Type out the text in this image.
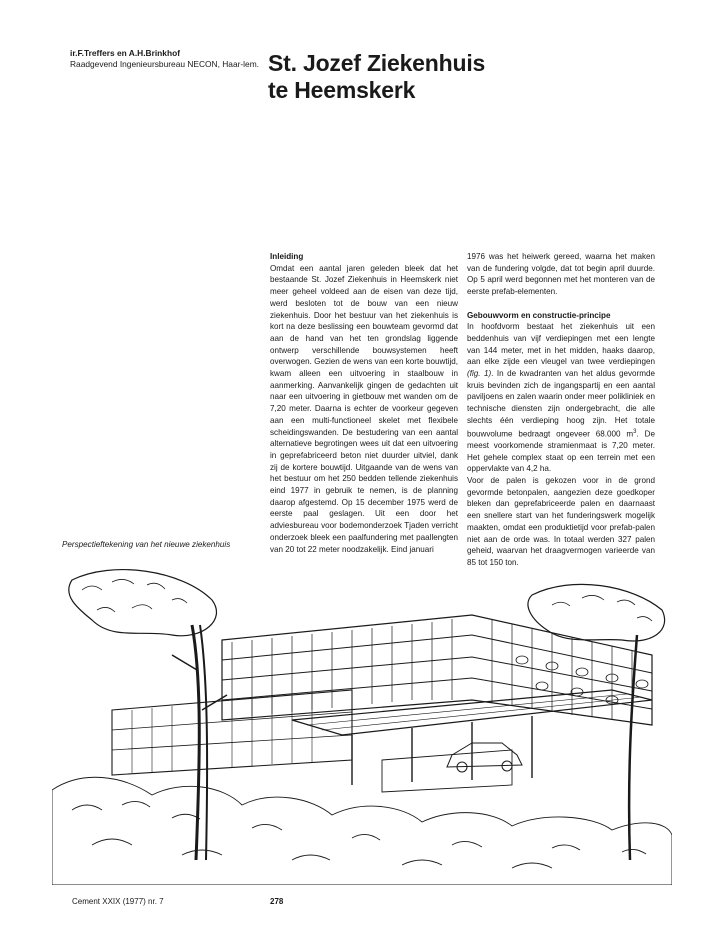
ir.F.Treffers en A.H.Brinkhof
Raadgevend Ingenieursbureau NECON, Haar-lem. St. Jozef Ziekenhuis
te Heemskerk
Inleiding

Omdat een aantal jaren geleden bleek dat het bestaande St. Jozef Ziekenhuis in Heemskerk niet meer geheel voldeed aan de eisen van deze tijd, werd besloten tot de bouw van een nieuw ziekenhuis. Door het bestuur van het ziekenhuis is kort na deze beslissing een bouwteam gevormd dat aan de hand van het ten grondslag liggende ontwerp verschillende bouwsystemen heeft overwogen. Gezien de wens van een korte bouwtijd, kwam alleen een uitvoering in staalbouw in aanmerking. Aanvankelijk gingen de gedachten uit naar een uitvoering in gietbouw met wanden om de 7,20 meter. Daarna is echter de voorkeur gegeven aan een multi-functioneel skelet met flexibele scheidingswanden. De bestudering van een aantal alternatieve begrotingen wees uit dat een uitvoering in geprefabriceerd beton niet duurder uitviel, dank zij de kortere bouwtijd. Uitgaande van de wens van het bestuur om het 250 bedden tellende ziekenhuis eind 1977 in gebruik te nemen, is de planning daarop afgestemd. Op 15 december 1975 werd de eerste paal geslagen. Uit een door het adviesbureau voor bodemonderzoek Tjaden verricht onderzoek bleek een paalfundering met paallengten van 20 tot 22 meter noodzakelijk. Eind januari

1976 was het heiwerk gereed, waarna het maken van de fundering volgde, dat tot begin april duurde. Op 5 april werd begonnen met het monteren van de eerste prefab-elementen.

Gebouwvorm en constructie-principe

In hoofdvorm bestaat het ziekenhuis uit een beddenhuis van vijf verdiepingen met een lengte van 144 meter, met in het midden, haaks daarop, aan elke zijde een vleugel van twee verdiepingen (fig. 1). In de kwadranten van het aldus gevormde kruis bevinden zich de ingangspartij en een aantal paviljoens en zalen waarin onder meer polikliniek en technische diensten zijn ondergebracht, die alle slechts één verdieping hoog zijn. Het totale bouwvolume bedraagt ongeveer 68.000 $m^3$. De meest voorkomende stramienmaat is 7,20 meter. Het gehele complex staat op een terrein met een oppervlakte van 4,2 ha.

Voor de palen is gekozen voor in de grond gevormde betonpalen, aangezien deze goedkoper bleken dan geprefabriceerde palen en daarnaast een snellere start van het funderingswerk mogelijk maakten, omdat een produktietijd voor prefab-palen niet aan de orde was. In totaal werden 327 palen geheid, waarvan het draagvermogen varieerde van 85 tot 150 ton.

Perspectieftekening van het nieuwe ziekenhuis
Cement XXIX (1977) nr. 7	278
